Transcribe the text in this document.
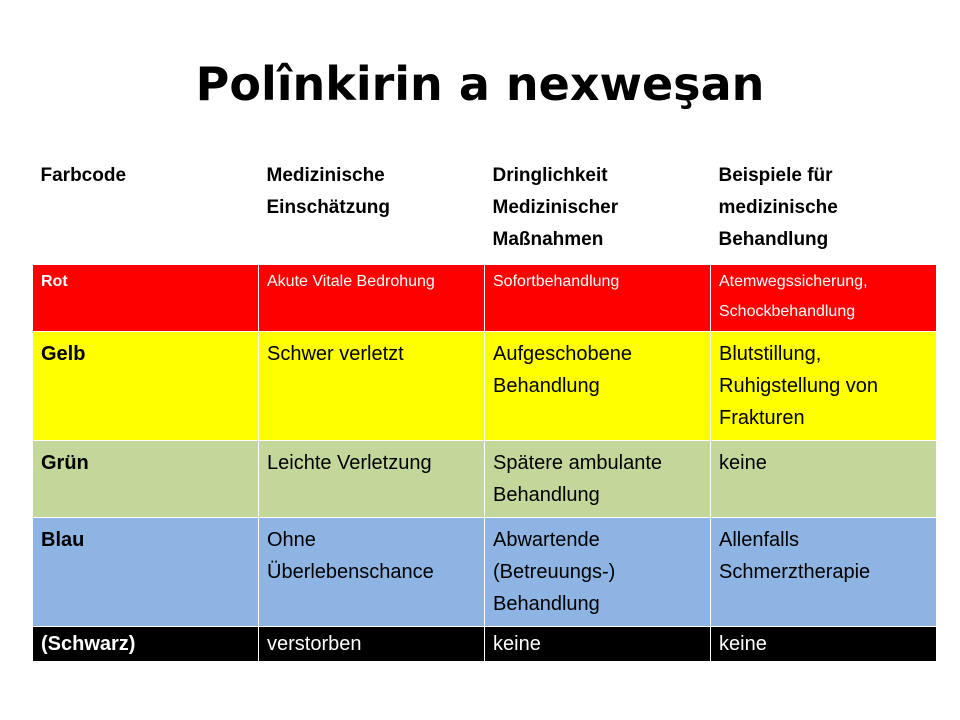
Polînkirin a nexweşan
Farbcode	Medizinische Einschätzung	Dringlichkeit Medizinischer Maßnahmen	Beispiele für medizinische Behandlung
Rot	Akute Vitale Bedrohung	Sofortbehandlung	Atemwegssicherung, Schockbehandlung
Gelb	Schwer verletzt	Aufgeschobene Behandlung	Blutstillung, Ruhigstellung von Frakturen
Grün	Leichte Verletzung	Spätere ambulante Behandlung	keine
Blau	Ohne Überlebenschance	Abwartende (Betreuungs-) Behandlung	Allenfalls Schmerztherapie
(Schwarz)	verstorben	keine	keine
